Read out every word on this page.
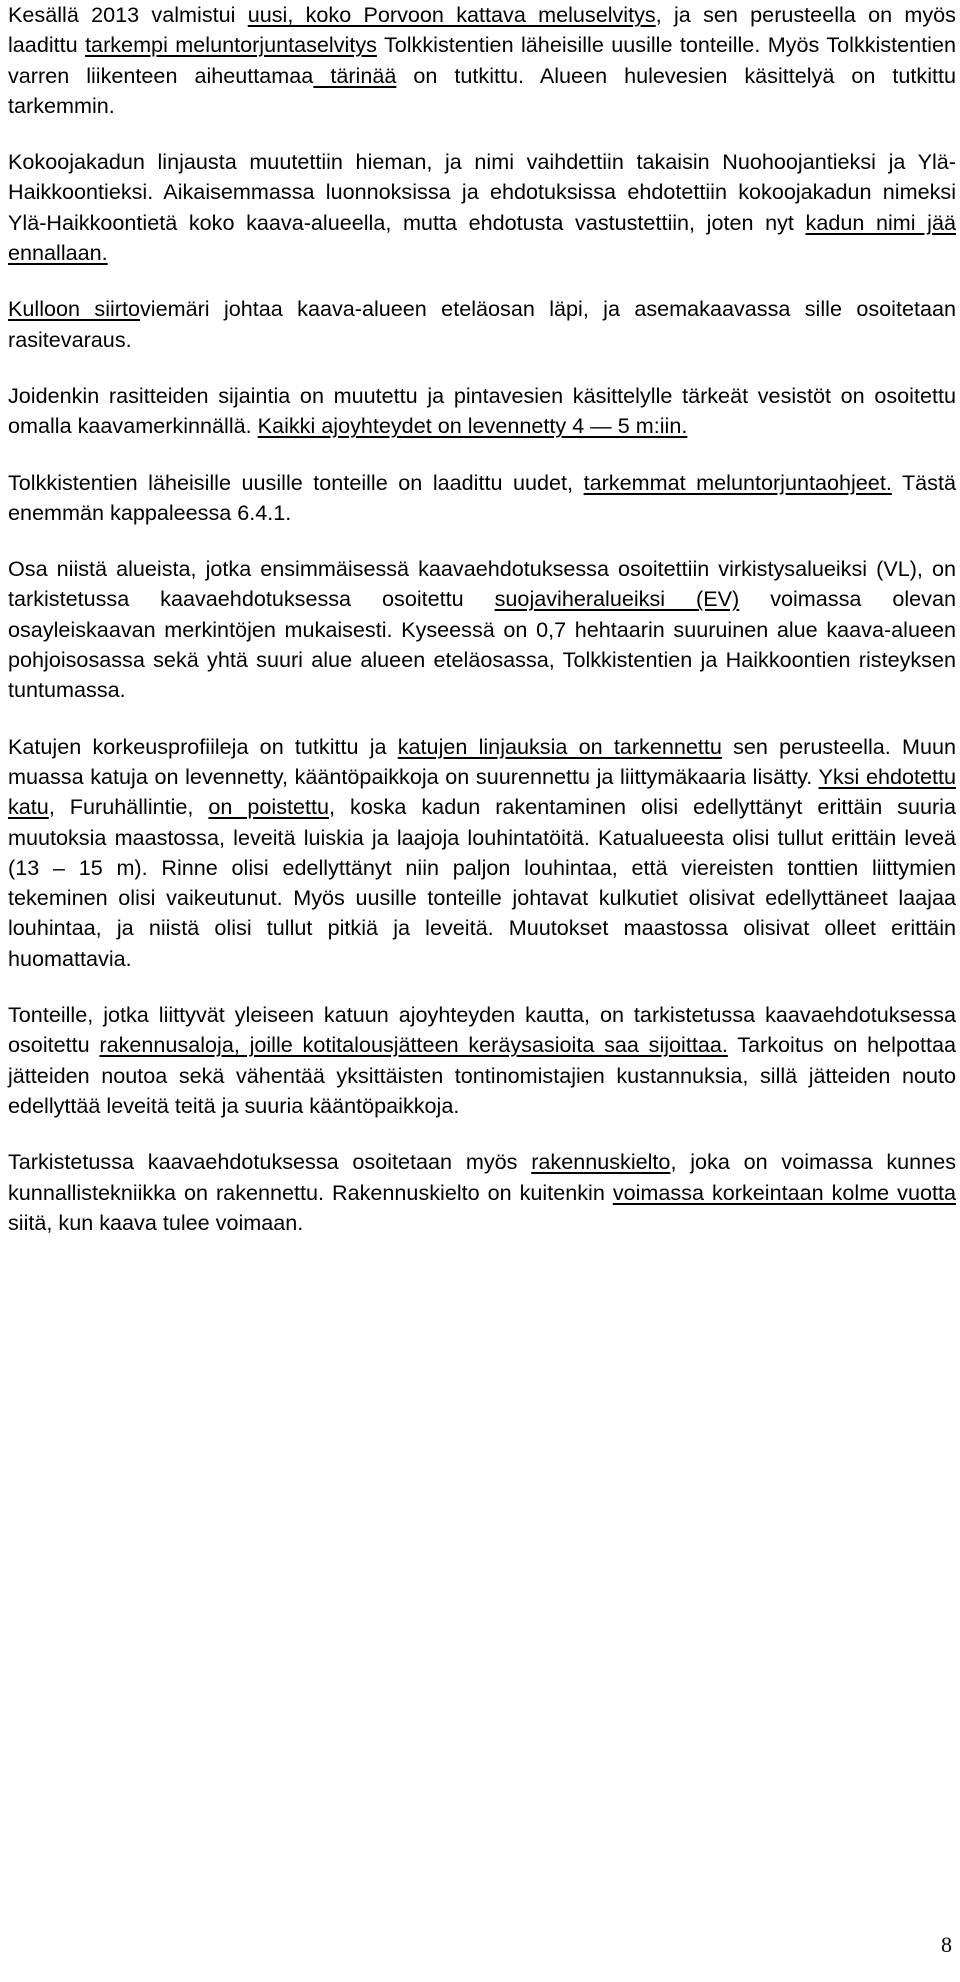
Kesällä 2013 valmistui uusi, koko Porvoon kattava meluselvitys, ja sen perusteella on myös laadittu tarkempi meluntorjuntaselvitys Tolkkistentien läheisille uusille tonteille. Myös Tolkkistentien varren liikenteen aiheuttamaa tärinää on tutkittu. Alueen hulevesien käsittelyä on tutkittu tarkemmin.

Kokoojakadun linjausta muutettiin hieman, ja nimi vaihdettiin takaisin Nuohoojantieksi ja Ylä-Haikkoontieksi. Aikaisemmassa luonnoksissa ja ehdotuksissa ehdotettiin kokoojakadun nimeksi Ylä-Haikkoontietä koko kaava-alueella, mutta ehdotusta vastustettiin, joten nyt kadun nimi jää ennallaan.

Kulloon siirtoviemäri johtaa kaava-alueen eteläosan läpi, ja asemakaavassa sille osoitetaan rasitevaraus.

Joidenkin rasitteiden sijaintia on muutettu ja pintavesien käsittelylle tärkeät vesistöt on osoitettu omalla kaavamerkinnällä. Kaikki ajoyhteydet on levennetty 4 — 5 m:iin.

Tolkkistentien läheisille uusille tonteille on laadittu uudet, tarkemmat meluntorjuntaohjeet. Tästä enemmän kappaleessa 6.4.1.

Osa niistä alueista, jotka ensimmäisessä kaavaehdotuksessa osoitettiin virkistysalueiksi (VL), on tarkistetussa kaavaehdotuksessa osoitettu suojaviheralueiksi (EV) voimassa olevan osayleiskaavan merkintöjen mukaisesti. Kyseessä on 0,7 hehtaarin suuruinen alue kaava-alueen pohjoisosassa sekä yhtä suuri alue alueen eteläosassa, Tolkkistentien ja Haikkoontien risteyksen tuntumassa.

Katujen korkeusprofiileja on tutkittu ja katujen linjauksia on tarkennettu sen perusteella. Muun muassa katuja on levennetty, kääntöpaikkoja on suurennettu ja liittymäkaaria lisätty. Yksi ehdotettu katu, Furuhällintie, on poistettu, koska kadun rakentaminen olisi edellyttänyt erittäin suuria muutoksia maastossa, leveitä luiskia ja laajoja louhintatöitä. Katualueesta olisi tullut erittäin leveä (13 – 15 m). Rinne olisi edellyttänyt niin paljon louhintaa, että viereisten tonttien liittymien tekeminen olisi vaikeutunut. Myös uusille tonteille johtavat kulkutiet olisivat edellyttäneet laajaa louhintaa, ja niistä olisi tullut pitkiä ja leveitä. Muutokset maastossa olisivat olleet erittäin huomattavia.

Tonteille, jotka liittyvät yleiseen katuun ajoyhteyden kautta, on tarkistetussa kaavaehdotuksessa osoitettu rakennusaloja, joille kotitalousjätteen keräysasioita saa sijoittaa. Tarkoitus on helpottaa jätteiden noutoa sekä vähentää yksittäisten tontinomistajien kustannuksia, sillä jätteiden nouto edellyttää leveitä teitä ja suuria kääntöpaikkoja.

Tarkistetussa kaavaehdotuksessa osoitetaan myös rakennuskielto, joka on voimassa kunnes kunnallistekniikka on rakennettu. Rakennuskielto on kuitenkin voimassa korkeintaan kolme vuotta siitä, kun kaava tulee voimaan.

8
